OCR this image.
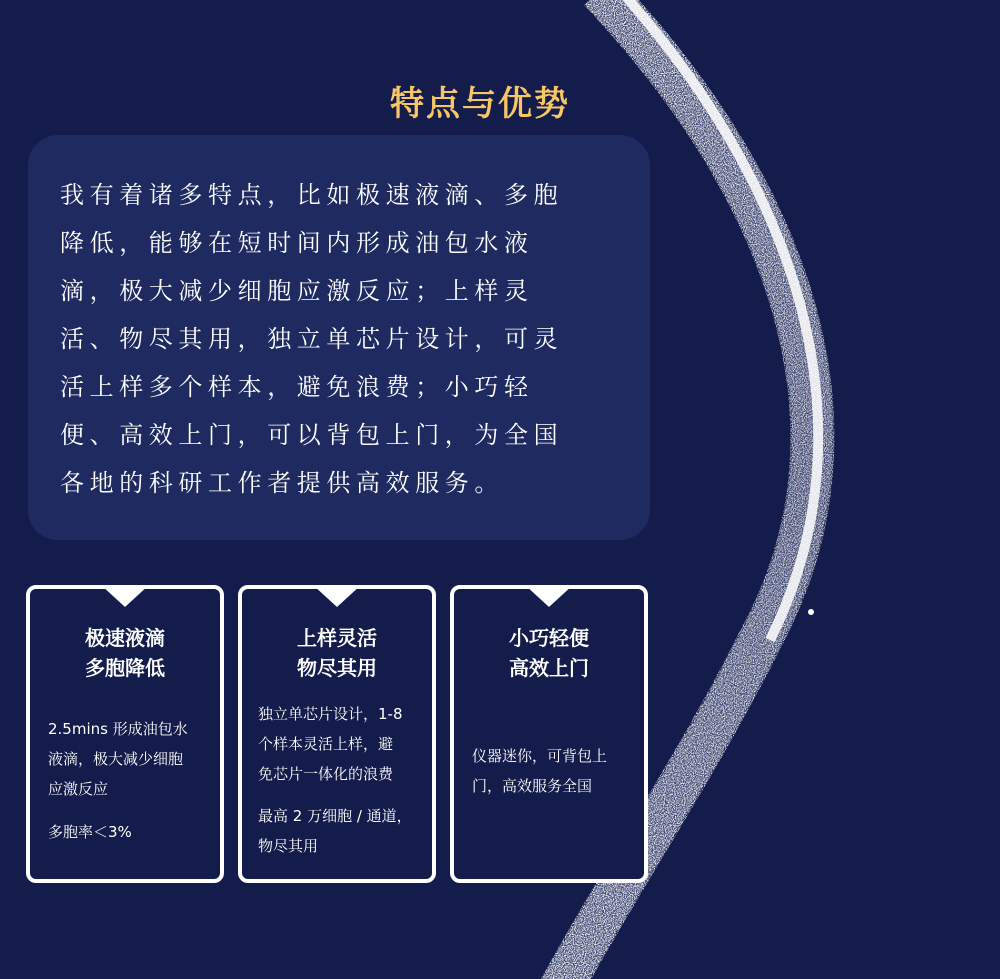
特点与优势
我有着诸多特点，比如极速液滴、多胞
降低，能够在短时间内形成油包水液
滴，极大减少细胞应激反应；上样灵
活、物尽其用，独立单芯片设计，可灵
活上样多个样本，避免浪费；小巧轻
便、高效上门，可以背包上门，为全国
各地的科研工作者提供高效服务。
极速液滴
多胞降低
2.5mins 形成油包水
液滴，极大减少细胞
应激反应
多胞率＜3%
上样灵活
物尽其用
独立单芯片设计，1-8
个样本灵活上样，避
免芯片一体化的浪费
最高 2 万细胞 / 通道，
物尽其用
小巧轻便
高效上门
仪器迷你，可背包上
门，高效服务全国
